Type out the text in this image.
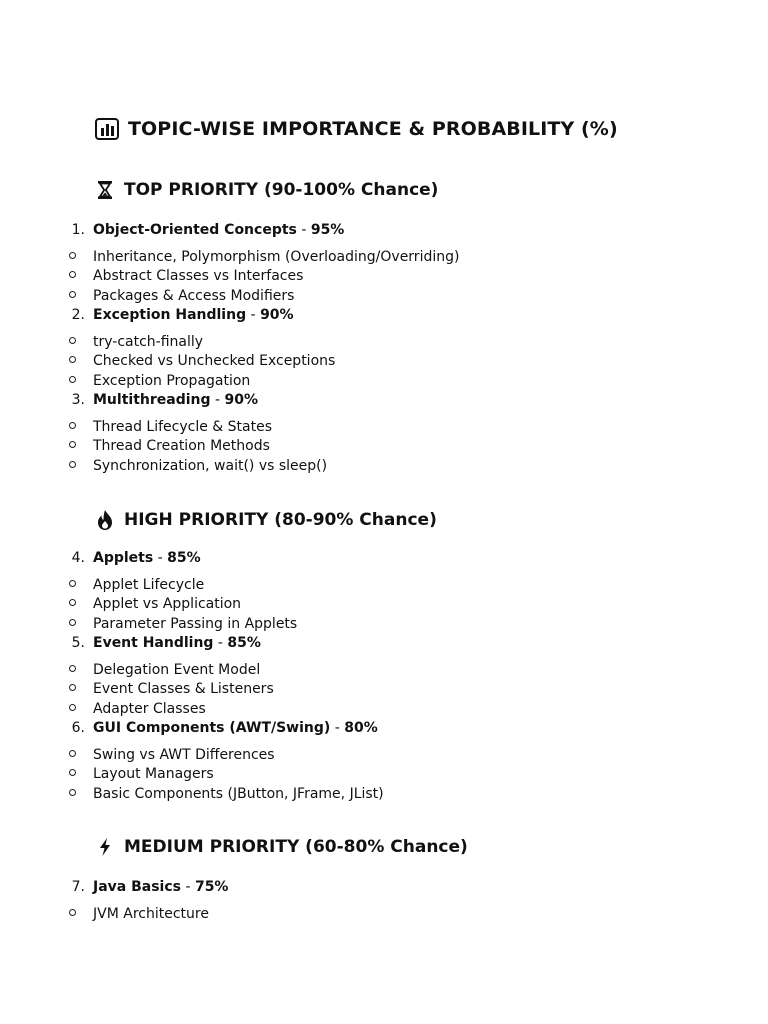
TOPIC-WISE IMPORTANCE & PROBABILITY (%)
TOP PRIORITY (90-100% Chance)
1. Object-Oriented Concepts - 95%
Inheritance, Polymorphism (Overloading/Overriding)
Abstract Classes vs Interfaces
Packages & Access Modifiers
2. Exception Handling - 90%
try-catch-finally
Checked vs Unchecked Exceptions
Exception Propagation
3. Multithreading - 90%
Thread Lifecycle & States
Thread Creation Methods
Synchronization, wait() vs sleep()
HIGH PRIORITY (80-90% Chance)
4. Applets - 85%
Applet Lifecycle
Applet vs Application
Parameter Passing in Applets
5. Event Handling - 85%
Delegation Event Model
Event Classes & Listeners
Adapter Classes
6. GUI Components (AWT/Swing) - 80%
Swing vs AWT Differences
Layout Managers
Basic Components (JButton, JFrame, JList)
MEDIUM PRIORITY (60-80% Chance)
7. Java Basics - 75%
JVM Architecture
